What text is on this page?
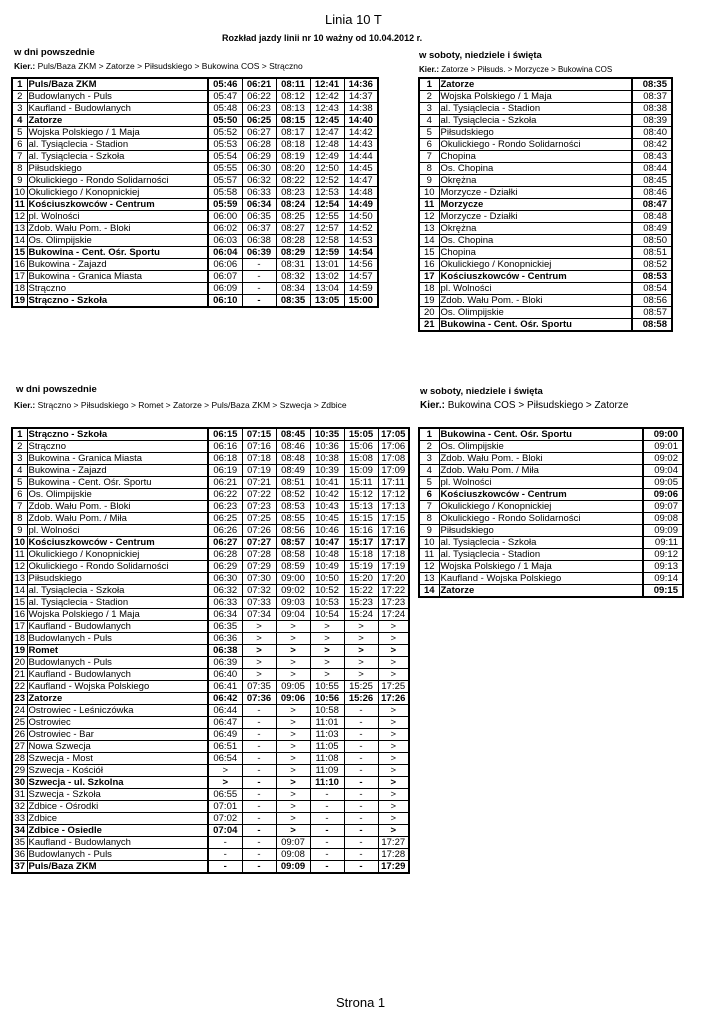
Linia 10 T
Rozkład jazdy linii nr 10 ważny od 10.04.2012 r.
w dni powszednie
Kier.: Puls/Baza ZKM > Zatorze > Piłsudskiego > Bukowina COS > Strączno
1	Puls/Baza ZKM	05:46	06:21	08:11	12:41	14:36
2	Budowlanych - Puls	05:47	06:22	08:12	12:42	14:37
3	Kaufland - Budowlanych	05:48	06:23	08:13	12:43	14:38
4	Zatorze	05:50	06:25	08:15	12:45	14:40
5	Wojska Polskiego / 1 Maja	05:52	06:27	08:17	12:47	14:42
6	al. Tysiąclecia - Stadion	05:53	06:28	08:18	12:48	14:43
7	al. Tysiąclecia - Szkoła	05:54	06:29	08:19	12:49	14:44
8	Piłsudskiego	05:55	06:30	08:20	12:50	14:45
9	Okulickiego - Rondo Solidarności	05:57	06:32	08:22	12:52	14:47
10	Okulickiego / Konopnickiej	05:58	06:33	08:23	12:53	14:48
11	Kościuszkowców - Centrum	05:59	06:34	08:24	12:54	14:49
12	pl. Wolności	06:00	06:35	08:25	12:55	14:50
13	Zdob. Wału Pom. - Bloki	06:02	06:37	08:27	12:57	14:52
14	Os. Olimpijskie	06:03	06:38	08:28	12:58	14:53
15	Bukowina - Cent. Ośr. Sportu	06:04	06:39	08:29	12:59	14:54
16	Bukowina - Zajazd	06:06	-	08:31	13:01	14:56
17	Bukowina - Granica Miasta	06:07	-	08:32	13:02	14:57
18	Strączno	06:09	-	08:34	13:04	14:59
19	Strączno - Szkoła	06:10	-	08:35	13:05	15:00
w soboty, niedziele i święta
Kier.: Zatorze > Piłsuds. > Morzycze > Bukowina COS
1	Zatorze	08:35
2	Wojska Polskiego / 1 Maja	08:37
3	al. Tysiąclecia - Stadion	08:38
4	al. Tysiąclecia - Szkoła	08:39
5	Piłsudskiego	08:40
6	Okulickiego - Rondo Solidarności	08:42
7	Chopina	08:43
8	Os. Chopina	08:44
9	Okrężna	08:45
10	Morzycze - Działki	08:46
11	Morzycze	08:47
12	Morzycze - Działki	08:48
13	Okrężna	08:49
14	Os. Chopina	08:50
15	Chopina	08:51
16	Okulickiego / Konopnickiej	08:52
17	Kościuszkowców - Centrum	08:53
18	pl. Wolności	08:54
19	Zdob. Wału Pom. - Bloki	08:56
20	Os. Olimpijskie	08:57
21	Bukowina - Cent. Ośr. Sportu	08:58
w dni powszednie
Kier.: Strączno > Piłsudskiego > Romet > Zatorze > Puls/Baza ZKM > Szwecja > Zdbice
1	Strączno - Szkoła	06:15	07:15	08:45	10:35	15:05	17:05
2	Strączno	06:16	07:16	08:46	10:36	15:06	17:06
3	Bukowina - Granica Miasta	06:18	07:18	08:48	10:38	15:08	17:08
4	Bukowina - Zajazd	06:19	07:19	08:49	10:39	15:09	17:09
5	Bukowina - Cent. Ośr. Sportu	06:21	07:21	08:51	10:41	15:11	17:11
6	Os. Olimpijskie	06:22	07:22	08:52	10:42	15:12	17:12
7	Zdob. Wału Pom. - Bloki	06:23	07:23	08:53	10:43	15:13	17:13
8	Zdob. Wału Pom. / Miła	06:25	07:25	08:55	10:45	15:15	17:15
9	pl. Wolności	06:26	07:26	08:56	10:46	15:16	17:16
10	Kościuszkowców - Centrum	06:27	07:27	08:57	10:47	15:17	17:17
11	Okulickiego / Konopnickiej	06:28	07:28	08:58	10:48	15:18	17:18
12	Okulickiego - Rondo Solidarności	06:29	07:29	08:59	10:49	15:19	17:19
13	Piłsudskiego	06:30	07:30	09:00	10:50	15:20	17:20
14	al. Tysiąclecia - Szkoła	06:32	07:32	09:02	10:52	15:22	17:22
15	al. Tysiąclecia - Stadion	06:33	07:33	09:03	10:53	15:23	17:23
16	Wojska Polskiego / 1 Maja	06:34	07:34	09:04	10:54	15:24	17:24
17	Kaufland - Budowlanych	06:35	>	>	>	>	>
18	Budowlanych - Puls	06:36	>	>	>	>	>
19	Romet	06:38	>	>	>	>	>
20	Budowlanych - Puls	06:39	>	>	>	>	>
21	Kaufland - Budowlanych	06:40	>	>	>	>	>
22	Kaufland - Wojska Polskiego	06:41	07:35	09:05	10:55	15:25	17:25
23	Zatorze	06:42	07:36	09:06	10:56	15:26	17:26
24	Ostrowiec - Leśniczówka	06:44	-	>	10:58	-	>
25	Ostrowiec	06:47	-	>	11:01	-	>
26	Ostrowiec - Bar	06:49	-	>	11:03	-	>
27	Nowa Szwecja	06:51	-	>	11:05	-	>
28	Szwecja - Most	06:54	-	>	11:08	-	>
29	Szwecja - Kościół	>	-	>	11:09	-	>
30	Szwecja - ul. Szkolna	>	-	>	11:10	-	>
31	Szwecja - Szkoła	06:55	-	>	-	-	>
32	Zdbice - Ośrodki	07:01	-	>	-	-	>
33	Zdbice	07:02	-	>	-	-	>
34	Zdbice - Osiedle	07:04	-	>	-	-	>
35	Kaufland - Budowlanych	-	-	09:07	-	-	17:27
36	Budowlanych - Puls	-	-	09:08	-	-	17:28
37	Puls/Baza ZKM	-	-	09:09	-	-	17:29
w soboty, niedziele i święta
Kier.: Bukowina COS > Piłsudskiego > Zatorze
1	Bukowina - Cent. Ośr. Sportu	09:00
2	Os. Olimpijskie	09:01
3	Zdob. Wału Pom. - Bloki	09:02
4	Zdob. Wału Pom. / Miła	09:04
5	pl. Wolności	09:05
6	Kościuszkowców - Centrum	09:06
7	Okulickiego / Konopnickiej	09:07
8	Okulickiego - Rondo Solidarności	09:08
9	Piłsudskiego	09:09
10	al. Tysiąclecia - Szkoła	09:11
11	al. Tysiąclecia - Stadion	09:12
12	Wojska Polskiego / 1 Maja	09:13
13	Kaufland - Wojska Polskiego	09:14
14	Zatorze	09:15
Strona 1
